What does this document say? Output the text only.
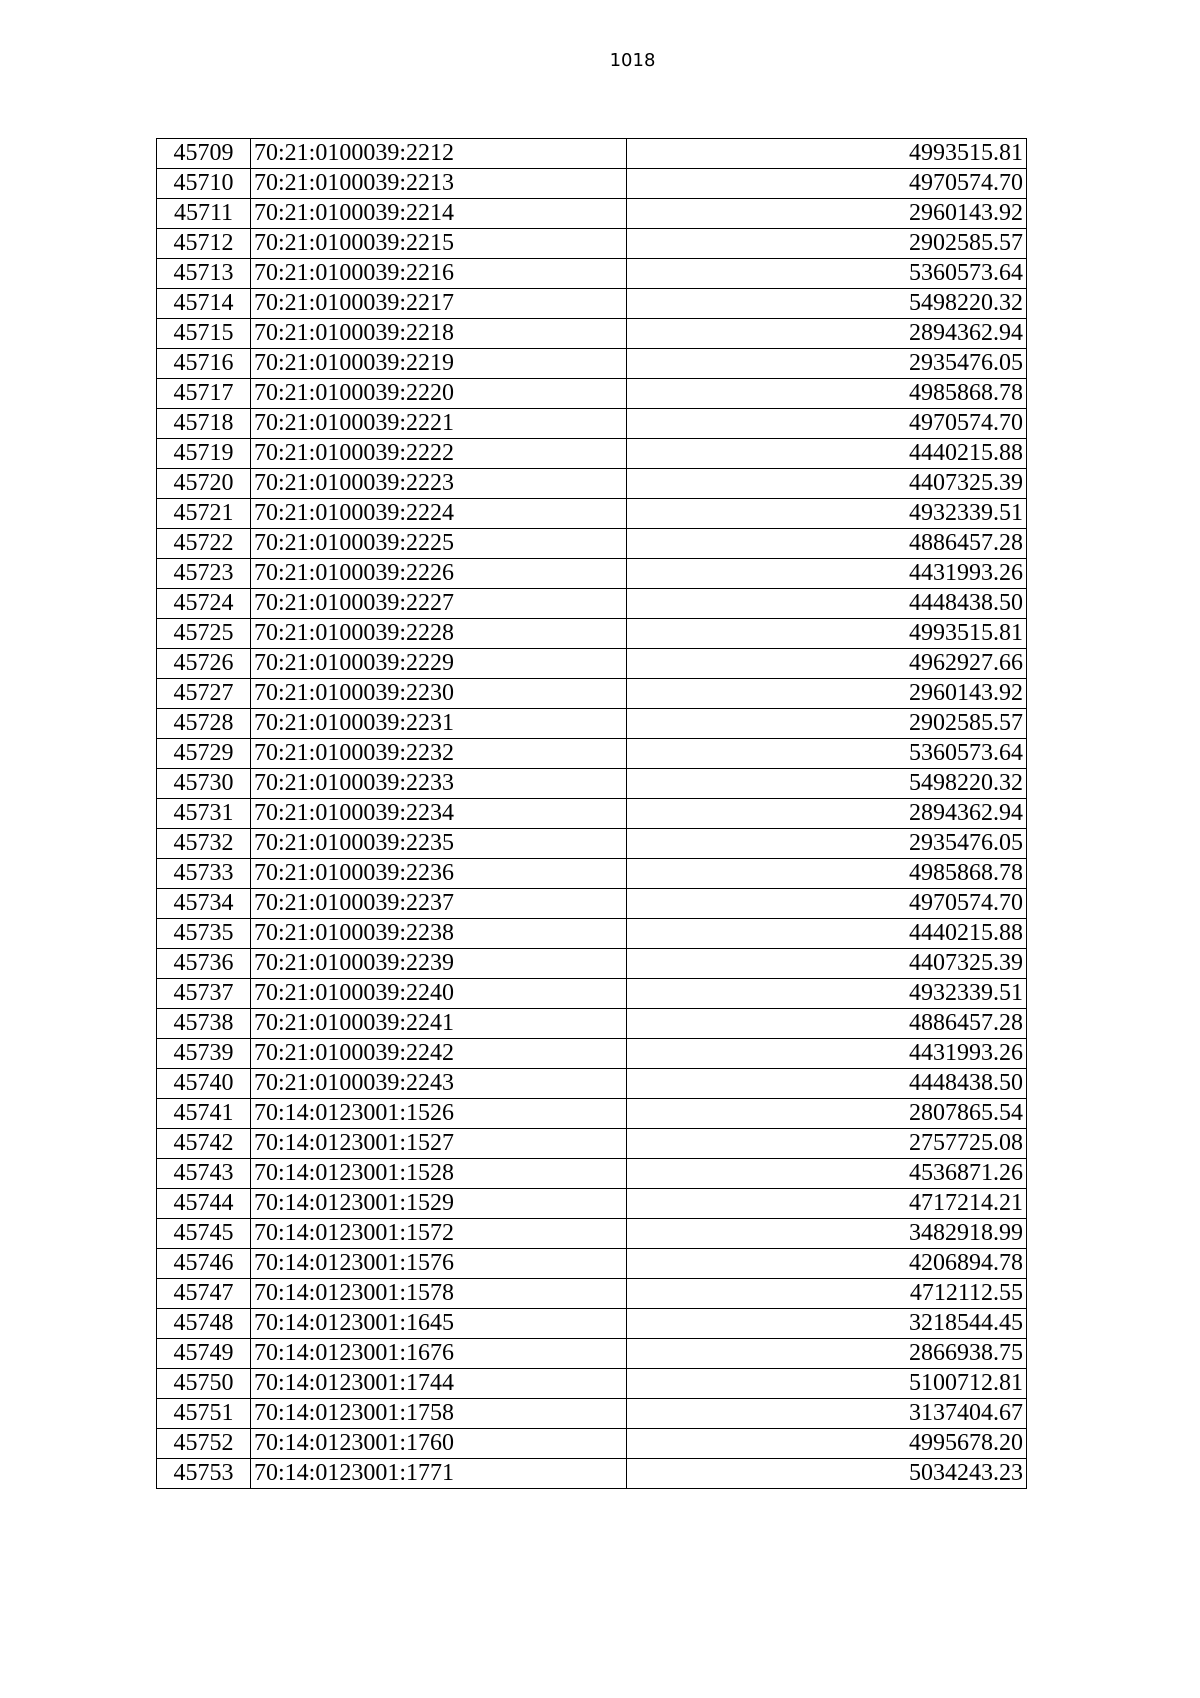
1018
45709	70:21:0100039:2212	4993515.81
45710	70:21:0100039:2213	4970574.70
45711	70:21:0100039:2214	2960143.92
45712	70:21:0100039:2215	2902585.57
45713	70:21:0100039:2216	5360573.64
45714	70:21:0100039:2217	5498220.32
45715	70:21:0100039:2218	2894362.94
45716	70:21:0100039:2219	2935476.05
45717	70:21:0100039:2220	4985868.78
45718	70:21:0100039:2221	4970574.70
45719	70:21:0100039:2222	4440215.88
45720	70:21:0100039:2223	4407325.39
45721	70:21:0100039:2224	4932339.51
45722	70:21:0100039:2225	4886457.28
45723	70:21:0100039:2226	4431993.26
45724	70:21:0100039:2227	4448438.50
45725	70:21:0100039:2228	4993515.81
45726	70:21:0100039:2229	4962927.66
45727	70:21:0100039:2230	2960143.92
45728	70:21:0100039:2231	2902585.57
45729	70:21:0100039:2232	5360573.64
45730	70:21:0100039:2233	5498220.32
45731	70:21:0100039:2234	2894362.94
45732	70:21:0100039:2235	2935476.05
45733	70:21:0100039:2236	4985868.78
45734	70:21:0100039:2237	4970574.70
45735	70:21:0100039:2238	4440215.88
45736	70:21:0100039:2239	4407325.39
45737	70:21:0100039:2240	4932339.51
45738	70:21:0100039:2241	4886457.28
45739	70:21:0100039:2242	4431993.26
45740	70:21:0100039:2243	4448438.50
45741	70:14:0123001:1526	2807865.54
45742	70:14:0123001:1527	2757725.08
45743	70:14:0123001:1528	4536871.26
45744	70:14:0123001:1529	4717214.21
45745	70:14:0123001:1572	3482918.99
45746	70:14:0123001:1576	4206894.78
45747	70:14:0123001:1578	4712112.55
45748	70:14:0123001:1645	3218544.45
45749	70:14:0123001:1676	2866938.75
45750	70:14:0123001:1744	5100712.81
45751	70:14:0123001:1758	3137404.67
45752	70:14:0123001:1760	4995678.20
45753	70:14:0123001:1771	5034243.23
